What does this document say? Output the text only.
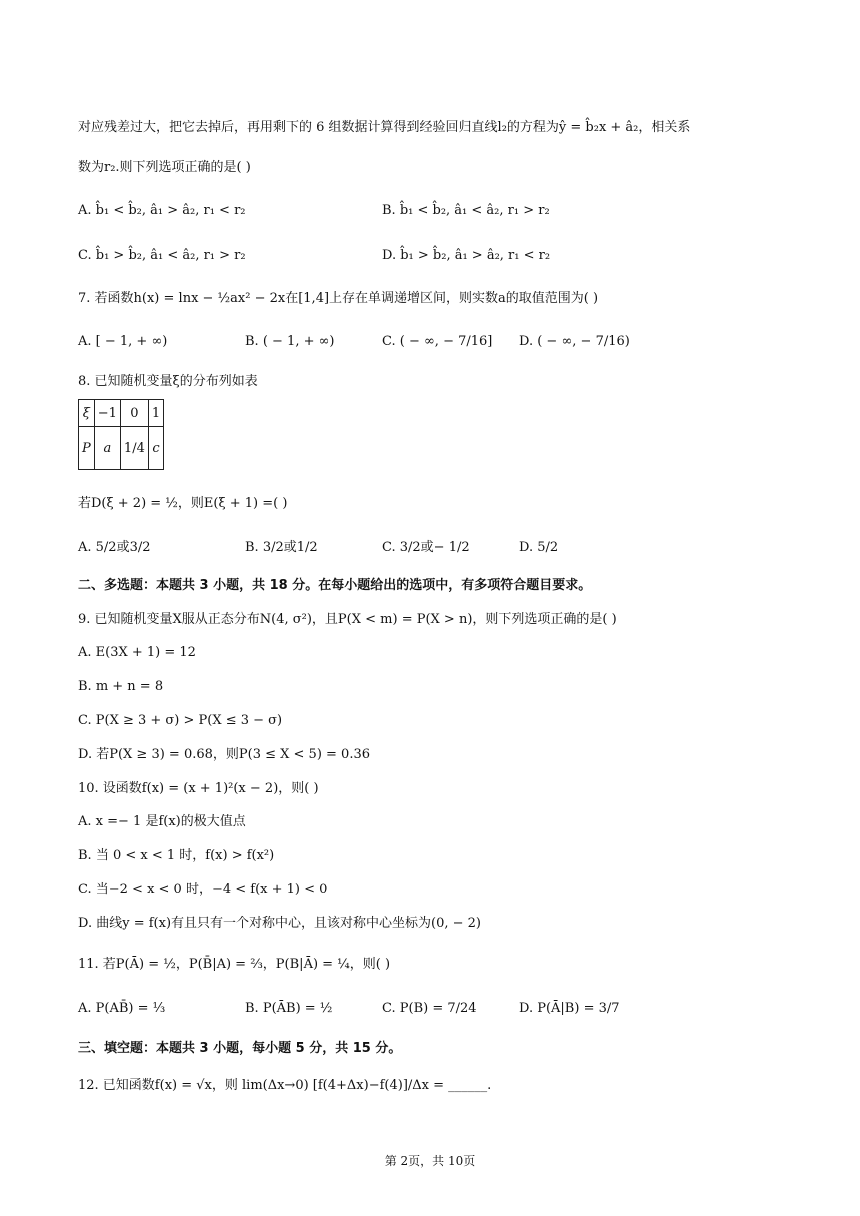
对应残差过大，把它去掉后，再用剩下的 6 组数据计算得到经验回归直线l₂的方程为ŷ = b̂₂x + â₂，相关系
数为r₂.则下列选项正确的是( )
A. b̂₁ < b̂₂, â₁ > â₂, r₁ < r₂	B. b̂₁ < b̂₂, â₁ < â₂, r₁ > r₂
C. b̂₁ > b̂₂, â₁ < â₂, r₁ > r₂	D. b̂₁ > b̂₂, â₁ > â₂, r₁ < r₂
7. 若函数h(x) = lnx − ½ax² − 2x在[1,4]上存在单调递增区间，则实数a的取值范围为( )
A. [ − 1, + ∞)	B. ( − 1, + ∞)	C. ( − ∞, − 7/16] D. ( − ∞, − 7/16)
8. 已知随机变量ξ的分布列如表
ξ	−1	0	1
P	a	1/4	c
若D(ξ + 2) = ½，则E(ξ + 1) =( )
A. 5/2或3/2	B. 3/2或1/2	C. 3/2或− 1/2	D. 5/2
二、多选题：本题共 3 小题，共 18 分。在每小题给出的选项中，有多项符合题目要求。
9. 已知随机变量X服从正态分布N(4, σ²)，且P(X < m) = P(X > n)，则下列选项正确的是( )
A. E(3X + 1) = 12
B. m + n = 8
C. P(X ≥ 3 + σ) > P(X ≤ 3 − σ)
D. 若P(X ≥ 3) = 0.68，则P(3 ≤ X < 5) = 0.36
10. 设函数f(x) = (x + 1)²(x − 2)，则( )
A. x =− 1 是f(x)的极大值点
B. 当 0 < x < 1 时，f(x) > f(x²)
C. 当−2 < x < 0 时，−4 < f(x + 1) < 0
D. 曲线y = f(x)有且只有一个对称中心，且该对称中心坐标为(0, − 2)
11. 若P(Ā) = ½，P(B̄|A) = ⅔，P(B|Ā) = ¼，则( )
A. P(AB̄) = ⅓	B. P(ĀB) = ½	C. P(B) = 7/24	D. P(Ā|B) = 3/7
三、填空题：本题共 3 小题，每小题 5 分，共 15 分。
12. 已知函数f(x) = √x，则 lim(Δx→0) [f(4+Δx)−f(4)]/Δx = ______.
第 2页，共 10页
